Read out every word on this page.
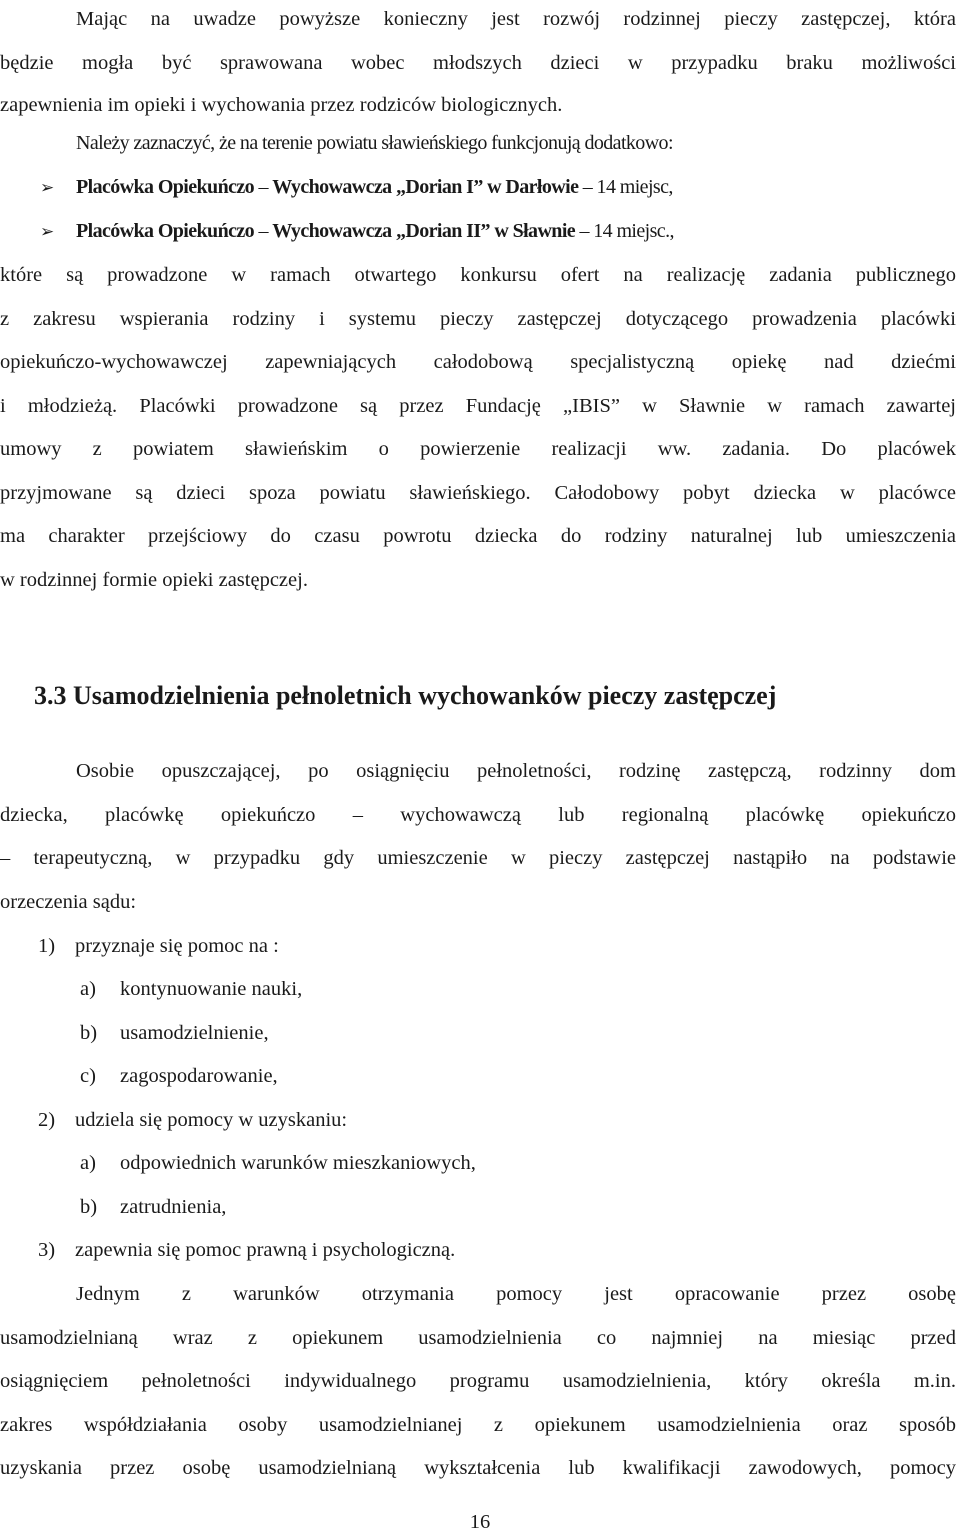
Mając na uwadze powyższe konieczny jest rozwój rodzinnej pieczy zastępczej, która
będzie mogła być sprawowana wobec młodszych dzieci w przypadku braku możliwości
zapewnienia im opieki i wychowania przez rodziców biologicznych.
Należy zaznaczyć, że na terenie powiatu sławieńskiego funkcjonują dodatkowo:
➢ Placówka Opiekuńczo – Wychowawcza „Dorian I” w Darłowie – 14 miejsc,
➢ Placówka Opiekuńczo – Wychowawcza „Dorian II” w Sławnie – 14 miejsc.,
które są prowadzone w ramach otwartego konkursu ofert na realizację zadania publicznego
z zakresu wspierania rodziny i systemu pieczy zastępczej dotyczącego prowadzenia placówki
opiekuńczo-wychowawczej zapewniających całodobową specjalistyczną opiekę nad dziećmi
i młodzieżą. Placówki prowadzone są przez Fundację „IBIS” w Sławnie w ramach zawartej
umowy z powiatem sławieńskim o powierzenie realizacji ww. zadania. Do placówek
przyjmowane są dzieci spoza powiatu sławieńskiego. Całodobowy pobyt dziecka w placówce
ma charakter przejściowy do czasu powrotu dziecka do rodziny naturalnej lub umieszczenia
w rodzinnej formie opieki zastępczej.
3.3 Usamodzielnienia pełnoletnich wychowanków pieczy zastępczej
Osobie opuszczającej, po osiągnięciu pełnoletności, rodzinę zastępczą, rodzinny dom
dziecka, placówkę opiekuńczo – wychowawczą lub regionalną placówkę opiekuńczo
– terapeutyczną, w przypadku gdy umieszczenie w pieczy zastępczej nastąpiło na podstawie
orzeczenia sądu:
1) przyznaje się pomoc na :
a) kontynuowanie nauki,
b) usamodzielnienie,
c) zagospodarowanie,
2) udziela się pomocy w uzyskaniu:
a) odpowiednich warunków mieszkaniowych,
b) zatrudnienia,
3) zapewnia się pomoc prawną i psychologiczną.
Jednym z warunków otrzymania pomocy jest opracowanie przez osobę
usamodzielnianą wraz z opiekunem usamodzielnienia co najmniej na miesiąc przed
osiągnięciem pełnoletności indywidualnego programu usamodzielnienia, który określa m.in.
zakres współdziałania osoby usamodzielnianej z opiekunem usamodzielnienia oraz sposób
uzyskania przez osobę usamodzielnianą wykształcenia lub kwalifikacji zawodowych, pomocy
16
